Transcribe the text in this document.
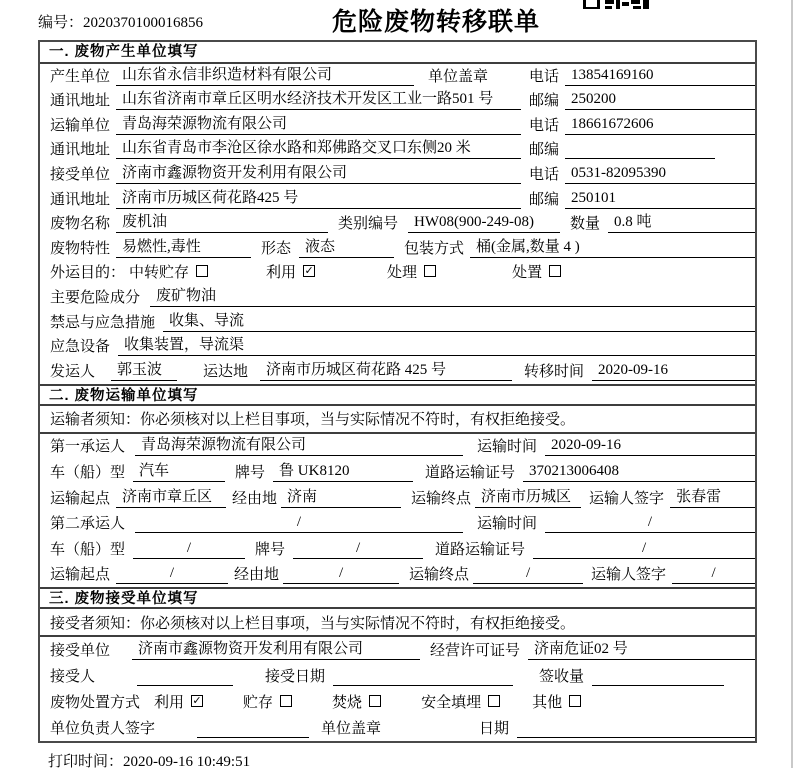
编号：2020370100016856	危险废物转移联单
一. 废物产生单位填写
产生单位 山东省永信非织造材料有限公司	单位盖章	电话 13854169160
通讯地址 山东省济南市章丘区明水经济技术开发区工业一路501 号	邮编 250200
运输单位 青岛海荣源物流有限公司	电话 18661672606
通讯地址 山东省青岛市李沧区徐水路和郑佛路交叉口东侧20 米	邮编
接受单位 济南市鑫源物资开发利用有限公司	电话 0531-82095390
通讯地址 济南市历城区荷花路425 号	邮编 250101
废物名称 废机油	类别编号	HW08(900-249-08)	数量 0.8 吨
废物特性 易燃性,毒性	形态 液态	包装方式 桶(金属,数量 4 )
外运目的： 中转贮存	利用 ✓	处理	处置
主要危险成分	废矿物油
禁忌与应急措施 收集、导流
应急设备 收集装置，导流渠
发运人	郭玉波	运达地	济南市历城区荷花路 425 号	转移时间 2020-09-16
二. 废物运输单位填写
运输者须知：你必须核对以上栏目事项，当与实际情况不符时，有权拒绝接受。
第一承运人	青岛海荣源物流有限公司	运输时间 2020-09-16
车（船）型 汽车	牌号 鲁 UK8120	道路运输证号 370213006408
运输起点 济南市章丘区	经由地 济南	运输终点 济南市历城区	运输人签字 张春雷
第二承运人	/	运输时间	/
车（船）型	/	牌号	/	道路运输证号	/
运输起点	/	经由地	/	运输终点	/	运输人签字	/
三. 废物接受单位填写
接受者须知：你必须核对以上栏目事项，当与实际情况不符时，有权拒绝接受。
接受单位	济南市鑫源物资开发利用有限公司	经营许可证号 济南危证02 号
接受人	接受日期	签收量
废物处置方式 利用 ✓	贮存	焚烧	安全填埋	其他
单位负责人签字	单位盖章	日期
打印时间：2020-09-16 10:49:51
